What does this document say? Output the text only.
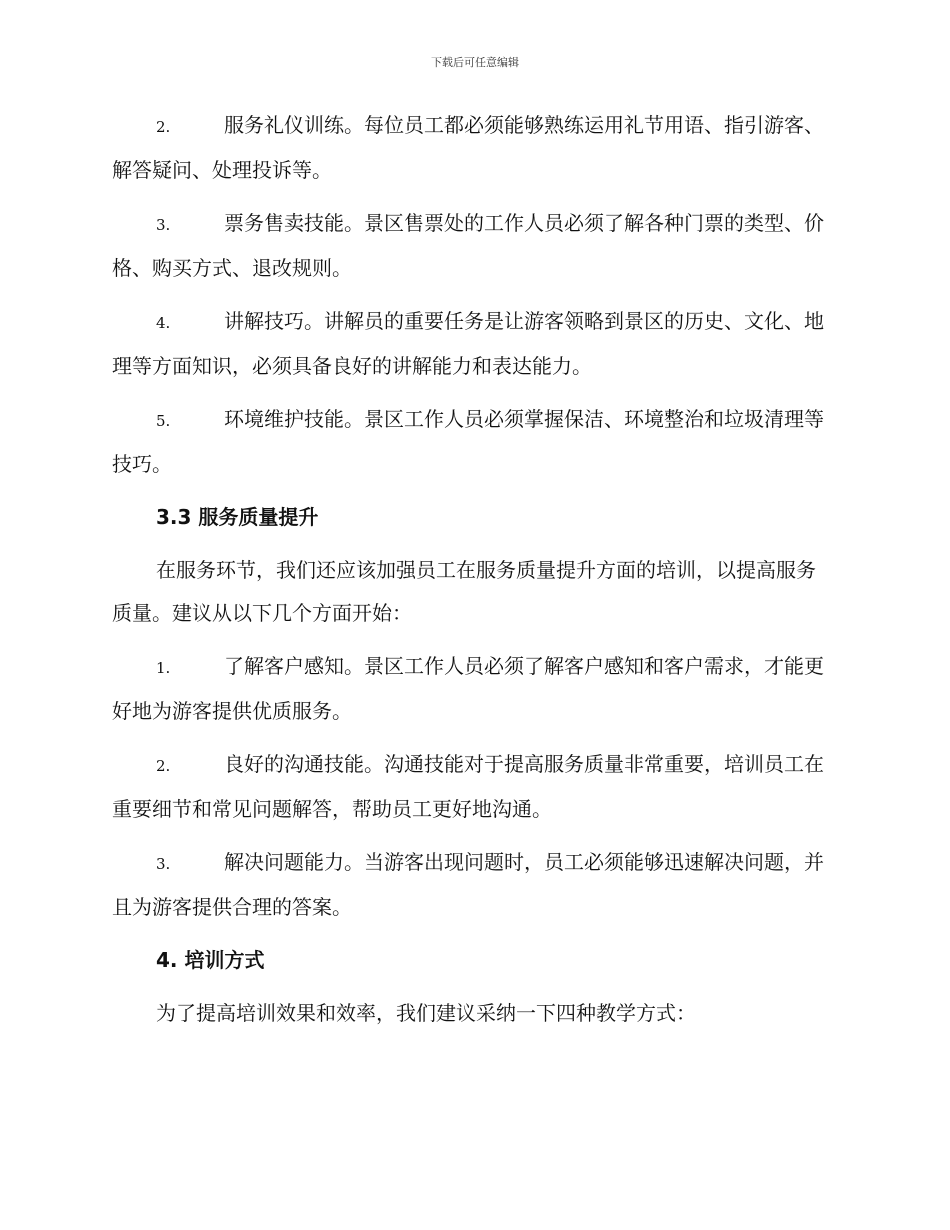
下载后可任意编辑

2.	服务礼仪训练。每位员工都必须能够熟练运用礼节用语、指引游客、解答疑问、处理投诉等。

3.	票务售卖技能。景区售票处的工作人员必须了解各种门票的类型、价格、购买方式、退改规则。

4.	讲解技巧。讲解员的重要任务是让游客领略到景区的历史、文化、地理等方面知识，必须具备良好的讲解能力和表达能力。

5.	环境维护技能。景区工作人员必须掌握保洁、环境整治和垃圾清理等技巧。

3.3 服务质量提升

在服务环节，我们还应该加强员工在服务质量提升方面的培训，以提高服务质量。建议从以下几个方面开始：

1.	了解客户感知。景区工作人员必须了解客户感知和客户需求，才能更好地为游客提供优质服务。

2.	良好的沟通技能。沟通技能对于提高服务质量非常重要，培训员工在重要细节和常见问题解答，帮助员工更好地沟通。

3.	解决问题能力。当游客出现问题时，员工必须能够迅速解决问题，并且为游客提供合理的答案。

4. 培训方式

为了提高培训效果和效率，我们建议采纳一下四种教学方式：
